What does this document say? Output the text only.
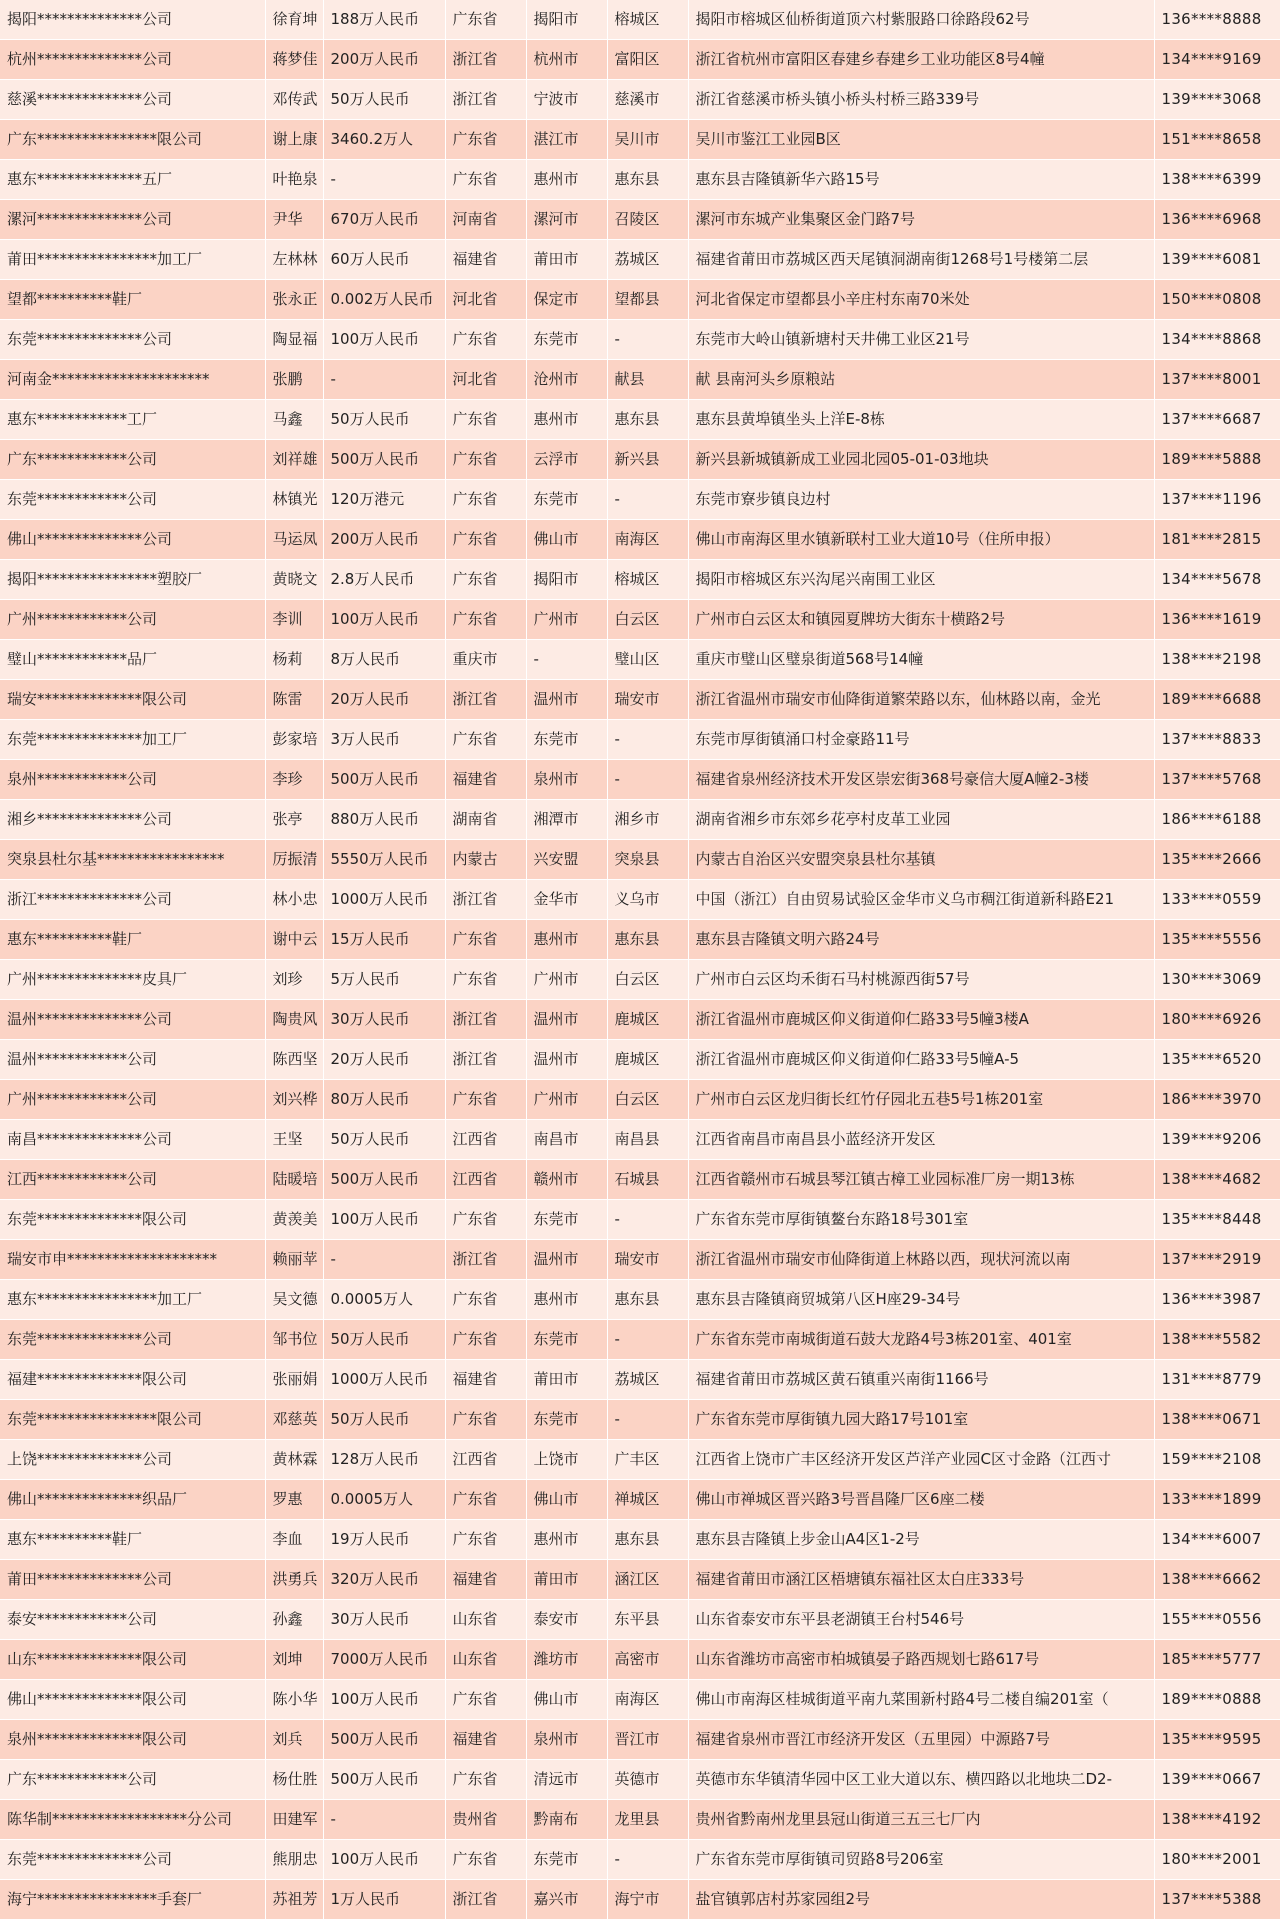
揭阳**************公司	徐育坤	188万人民币	广东省	揭阳市	榕城区	揭阳市榕城区仙桥街道顶六村紫服路口徐路段62号	136****8888
杭州**************公司	蒋梦佳	200万人民币	浙江省	杭州市	富阳区	浙江省杭州市富阳区春建乡春建乡工业功能区8号4幢	134****9169
慈溪**************公司	邓传武	50万人民币	浙江省	宁波市	慈溪市	浙江省慈溪市桥头镇小桥头村桥三路339号	139****3068
广东****************限公司	谢上康	3460.2万人	广东省	湛江市	吴川市	吴川市鉴江工业园B区	151****8658
惠东**************五厂	叶艳泉	-	广东省	惠州市	惠东县	惠东县吉隆镇新华六路15号	138****6399
漯河**************公司	尹华	670万人民币	河南省	漯河市	召陵区	漯河市东城产业集聚区金门路7号	136****6968
莆田****************加工厂	左林林	60万人民币	福建省	莆田市	荔城区	福建省莆田市荔城区西天尾镇洞湖南街1268号1号楼第二层	139****6081
望都**********鞋厂	张永正	0.002万人民币	河北省	保定市	望都县	河北省保定市望都县小辛庄村东南70米处	150****0808
东莞**************公司	陶显福	100万人民币	广东省	东莞市	-	东莞市大岭山镇新塘村天井佛工业区21号	134****8868
河南金*********************	张鹏	-	河北省	沧州市	献县	献 县南河头乡原粮站	137****8001
惠东************工厂	马鑫	50万人民币	广东省	惠州市	惠东县	惠东县黄埠镇坐头上洋E-8栋	137****6687
广东************公司	刘祥雄	500万人民币	广东省	云浮市	新兴县	新兴县新城镇新成工业园北园05-01-03地块	189****5888
东莞************公司	林镇光	120万港元	广东省	东莞市	-	东莞市寮步镇良边村	137****1196
佛山**************公司	马运凤	200万人民币	广东省	佛山市	南海区	佛山市南海区里水镇新联村工业大道10号（住所申报）	181****2815
揭阳****************塑胶厂	黄晓文	2.8万人民币	广东省	揭阳市	榕城区	揭阳市榕城区东兴沟尾兴南围工业区	134****5678
广州************公司	李训	100万人民币	广东省	广州市	白云区	广州市白云区太和镇园夏牌坊大街东十横路2号	136****1619
璧山************品厂	杨莉	8万人民币	重庆市	-	璧山区	重庆市璧山区璧泉街道568号14幢	138****2198
瑞安**************限公司	陈雷	20万人民币	浙江省	温州市	瑞安市	浙江省温州市瑞安市仙降街道繁荣路以东，仙林路以南，金光	189****6688
东莞**************加工厂	彭家培	3万人民币	广东省	东莞市	-	东莞市厚街镇涌口村金豪路11号	137****8833
泉州************公司	李珍	500万人民币	福建省	泉州市	-	福建省泉州经济技术开发区崇宏街368号豪信大厦A幢2-3楼	137****5768
湘乡**************公司	张亭	880万人民币	湖南省	湘潭市	湘乡市	湖南省湘乡市东郊乡花亭村皮革工业园	186****6188
突泉县杜尔基*****************	厉振清	5550万人民币	内蒙古	兴安盟	突泉县	内蒙古自治区兴安盟突泉县杜尔基镇	135****2666
浙江**************公司	林小忠	1000万人民币	浙江省	金华市	义乌市	中国（浙江）自由贸易试验区金华市义乌市稠江街道新科路E21	133****0559
惠东**********鞋厂	谢中云	15万人民币	广东省	惠州市	惠东县	惠东县吉隆镇文明六路24号	135****5556
广州**************皮具厂	刘珍	5万人民币	广东省	广州市	白云区	广州市白云区均禾街石马村桃源西街57号	130****3069
温州**************公司	陶贵风	30万人民币	浙江省	温州市	鹿城区	浙江省温州市鹿城区仰义街道仰仁路33号5幢3楼A	180****6926
温州************公司	陈西坚	20万人民币	浙江省	温州市	鹿城区	浙江省温州市鹿城区仰义街道仰仁路33号5幢A-5	135****6520
广州************公司	刘兴桦	80万人民币	广东省	广州市	白云区	广州市白云区龙归街长红竹仔园北五巷5号1栋201室	186****3970
南昌**************公司	王坚	50万人民币	江西省	南昌市	南昌县	江西省南昌市南昌县小蓝经济开发区	139****9206
江西************公司	陆暖培	500万人民币	江西省	赣州市	石城县	江西省赣州市石城县琴江镇古樟工业园标准厂房一期13栋	138****4682
东莞**************限公司	黄羡美	100万人民币	广东省	东莞市	-	广东省东莞市厚街镇鳌台东路18号301室	135****8448
瑞安市申********************	赖丽苹	-	浙江省	温州市	瑞安市	浙江省温州市瑞安市仙降街道上林路以西，现状河流以南	137****2919
惠东****************加工厂	吴文德	0.0005万人	广东省	惠州市	惠东县	惠东县吉隆镇商贸城第八区H座29-34号	136****3987
东莞**************公司	邹书位	50万人民币	广东省	东莞市	-	广东省东莞市南城街道石鼓大龙路4号3栋201室、401室	138****5582
福建**************限公司	张丽娟	1000万人民币	福建省	莆田市	荔城区	福建省莆田市荔城区黄石镇重兴南街1166号	131****8779
东莞****************限公司	邓慈英	50万人民币	广东省	东莞市	-	广东省东莞市厚街镇九园大路17号101室	138****0671
上饶**************公司	黄林霖	128万人民币	江西省	上饶市	广丰区	江西省上饶市广丰区经济开发区芦洋产业园C区寸金路（江西寸	159****2108
佛山**************织品厂	罗惠	0.0005万人	广东省	佛山市	禅城区	佛山市禅城区晋兴路3号晋昌隆厂区6座二楼	133****1899
惠东**********鞋厂	李血	19万人民币	广东省	惠州市	惠东县	惠东县吉隆镇上步金山A4区1-2号	134****6007
莆田**************公司	洪勇兵	320万人民币	福建省	莆田市	涵江区	福建省莆田市涵江区梧塘镇东福社区太白庄333号	138****6662
泰安************公司	孙鑫	30万人民币	山东省	泰安市	东平县	山东省泰安市东平县老湖镇王台村546号	155****0556
山东**************限公司	刘坤	7000万人民币	山东省	潍坊市	高密市	山东省潍坊市高密市柏城镇晏子路西规划七路617号	185****5777
佛山**************限公司	陈小华	100万人民币	广东省	佛山市	南海区	佛山市南海区桂城街道平南九菜围新村路4号二楼自编201室（	189****0888
泉州**************限公司	刘兵	500万人民币	福建省	泉州市	晋江市	福建省泉州市晋江市经济开发区（五里园）中源路7号	135****9595
广东************公司	杨仕胜	500万人民币	广东省	清远市	英德市	英德市东华镇清华园中区工业大道以东、横四路以北地块二D2-	139****0667
陈华制******************分公司	田建军	-	贵州省	黔南布	龙里县	贵州省黔南州龙里县冠山街道三五三七厂内	138****4192
东莞**************公司	熊朋忠	100万人民币	广东省	东莞市	-	广东省东莞市厚街镇司贸路8号206室	180****2001
海宁****************手套厂	苏祖芳	1万人民币	浙江省	嘉兴市	海宁市	盐官镇郭店村苏家园组2号	137****5388
